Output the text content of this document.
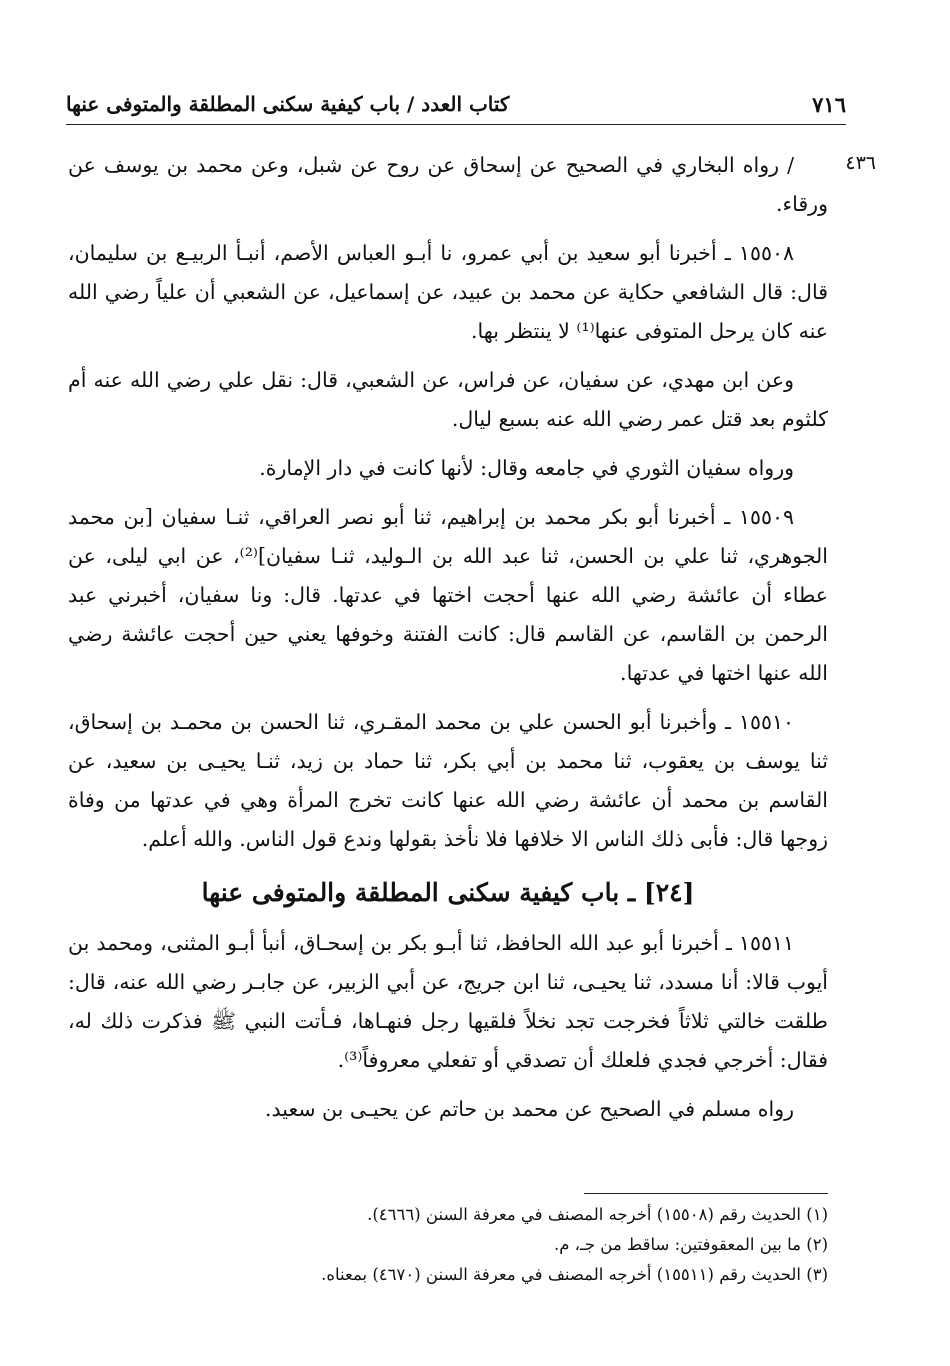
٧١٦
كتاب العدد / باب كيفية سكنى المطلقة والمتوفى عنها
٤٣٦

/ رواه البخاري في الصحيح عن إسحاق عن روح عن شبل، وعن محمد بن يوسف عن ورقاء.

١٥٥٠٨ ـ أخبرنا أبو سعيد بن أبي عمرو، نا أبـو العباس الأصم، أنبـأ الربيـع بن سليمان، قال: قال الشافعي حكاية عن محمد بن عبيد، عن إسماعيل، عن الشعبي أن علياً رضي الله عنه كان يرحل المتوفى عنها⁽¹⁾ لا ينتظر بها.

وعن ابن مهدي، عن سفيان، عن فراس، عن الشعبي، قال: نقل علي رضي الله عنه أم كلثوم بعد قتل عمر رضي الله عنه بسبع ليال.

ورواه سفيان الثوري في جامعه وقال: لأنها كانت في دار الإمارة.

١٥٥٠٩ ـ أخبرنا أبو بكر محمد بن إبراهيم، ثنا أبو نصر العراقي، ثنـا سفيان [بن محمد الجوهري، ثنا علي بن الحسن، ثنا عبد الله بن الـوليد، ثنـا سفيان]⁽²⁾، عن ابي ليلى، عن عطاء أن عائشة رضي الله عنها أحجت اختها في عدتها. قال: ونا سفيان، أخبرني عبد الرحمن بن القاسم، عن القاسم قال: كانت الفتنة وخوفها يعني حين أحجت عائشة رضي الله عنها اختها في عدتها.

١٥٥١٠ ـ وأخبرنا أبو الحسن علي بن محمد المقـري، ثنا الحسن بن محمـد بن إسحاق، ثنا يوسف بن يعقوب، ثنا محمد بن أبي بكر، ثنا حماد بن زيد، ثنـا يحيـى بن سعيد، عن القاسم بن محمد أن عائشة رضي الله عنها كانت تخرج المرأة وهي في عدتها من وفاة زوجها قال: فأبى ذلك الناس الا خلافها فلا نأخذ بقولها وندع قول الناس. والله أعلم.

[٢٤] ـ باب كيفية سكنى المطلقة والمتوفى عنها

١٥٥١١ ـ أخبرنا أبو عبد الله الحافظ، ثنا أبـو بكر بن إسحـاق، أنبأ أبـو المثنى، ومحمد بن أيوب قالا: أنا مسدد، ثنا يحيـى، ثنا ابن جريج، عن أبي الزبير، عن جابـر رضي الله عنه، قال: طلقت خالتي ثلاثاً فخرجت تجد نخلاً فلقيها رجل فنهـاها، فـأتت النبي ﷺ فذكرت ذلك له، فقال: أخرجي فجدي فلعلك أن تصدقي أو تفعلي معروفاً⁽³⁾.

رواه مسلم في الصحيح عن محمد بن حاتم عن يحيـى بن سعيد.

(١) الحديث رقم (١٥٥٠٨) أخرجه المصنف في معرفة السنن (٤٦٦٦).
(٢) ما بين المعقوفتين: ساقط من جـ، م.
(٣) الحديث رقم (١٥٥١١) أخرجه المصنف في معرفة السنن (٤٦٧٠) بمعناه.
